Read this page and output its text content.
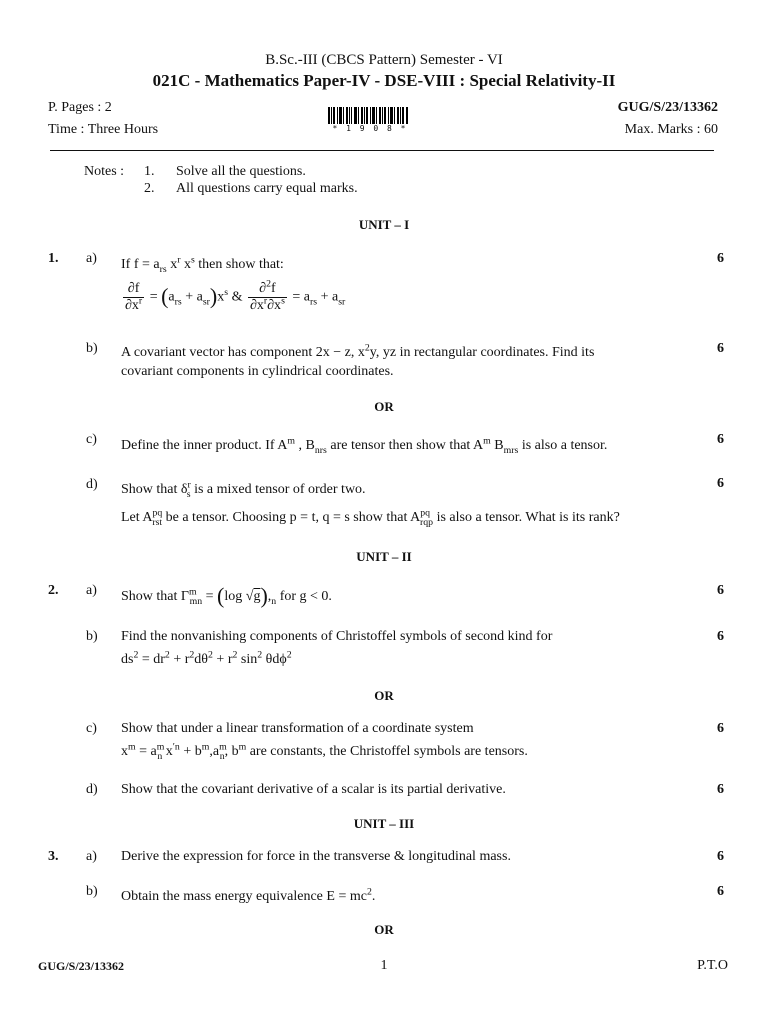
B.Sc.-III (CBCS Pattern) Semester - VI
021C - Mathematics Paper-IV - DSE-VIII : Special Relativity-II
P. Pages : 2	GUG/S/23/13362
Time : Three Hours	Max. Marks : 60
* 1 9 0 8 *
Notes : 1. Solve all the questions.
2. All questions carry equal marks.
UNIT – I
1. a) If $f = a_{rs}$ $x^r$ $x^s$ then show that:	6
$\frac{\partial f}{\partial x^r} = (a_{rs} + a_{sr})x^s$ & $\frac{\partial^2f}{\partial x^r\partial x^s} = a_{rs} + a_{sr}$
b) A covariant vector has component 2x − z, $x^2y$, yz in rectangular coordinates. Find its
covariant components in cylindrical coordinates.
6
OR
c) Define the inner product. If $A^m$ , $B_{nrs}$ are tensor then show that $A^m$ $B_{mrs}$ is also a tensor.	6
d) Show that $\delta^r_s$ is a mixed tensor of order two.
Let $A^{pq}_{rst}$ be a tensor. Choosing p = t, q = s show that $A^{pq}_{rqp}$ is also a tensor. What is its rank?
6
UNIT – II
2. a) Show that $\Gamma^m_{mn} = (\log$ $√g),_n$ for g < 0.	6
b) Find the nonvanishing components of Christoffel symbols of second kind for
$ds^2 = dr^2 + r^2d\theta^2 + r^2$ $\sin^2 \theta d\phi^2$
6
OR
c) Show that under a linear transformation of a coordinate system
$x^m = a^m_n$ $x^{'n} + b^m,a^m_n$, $b^m$ are constants, the Christoffel symbols are tensors.
6
d) Show that the covariant derivative of a scalar is its partial derivative.	6
UNIT – III
3. a) Derive the expression for force in the transverse & longitudinal mass.	6
b) Obtain the mass energy equivalence $E = mc^2$.	6
OR
GUG/S/23/13362	1	P.T.O
